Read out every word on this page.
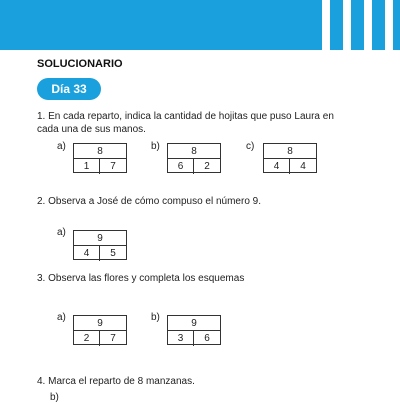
SOLUCIONARIO
Día 33
1. En cada reparto, indica la cantidad de hojitas que puso Laura en cada una de sus manos.
a)	8
1	7
b)	8
6	2
c)	8
4	4
2. Observa a José de cómo compuso el número 9.
a)	9
4	5
3. Observa las flores y completa los esquemas
a)	9
2	7
b)	9
3	6
4. Marca el reparto de 8 manzanas.
b)
